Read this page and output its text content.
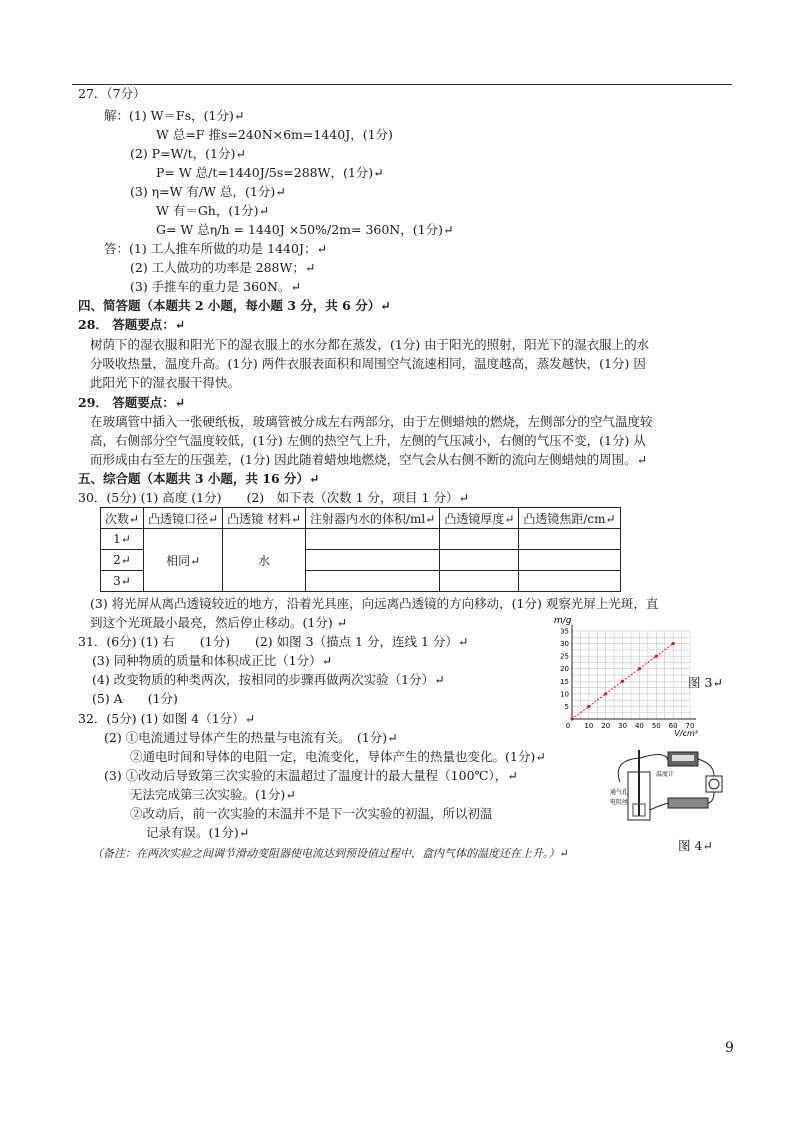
27．（7分）
解：(1) W＝Fs，(1分)↵
W 总=F 推s=240N×6m=1440J，(1分)
(2) P=W/t，(1分)↵
P= W 总/t=1440J/5s=288W，(1分)↵
(3) η=W 有/W 总，(1分)↵
W 有＝Gh，(1分)↵
G= W 总η/h = 1440J ×50%/2m= 360N，(1分)↵
答：(1) 工人推车所做的功是 1440J；↵
(2) 工人做功的功率是 288W；↵
(3) 手推车的重力是 360N。↵
四、简答题（本题共 2 小题，每小题 3 分，共 6 分）↵
28． 答题要点：↵
树荫下的湿衣服和阳光下的湿衣服上的水分都在蒸发，(1分) 由于阳光的照射，阳光下的湿衣服上的水
分吸收热量，温度升高。(1分) 两件衣服表面积和周围空气流速相同，温度越高，蒸发越快，(1分) 因
此阳光下的湿衣服干得快。
29． 答题要点：↵
在玻璃管中插入一张硬纸板，玻璃管被分成左右两部分，由于左侧蜡烛的燃烧，左侧部分的空气温度较
高，右侧部分空气温度较低，(1分) 左侧的热空气上升，左侧的气压减小，右侧的气压不变，(1分) 从
而形成由右至左的压强差，(1分) 因此随着蜡烛地燃烧，空气会从右侧不断的流向左侧蜡烛的周围。↵
五、综合题（本题共 3 小题，共 16 分）↵
30．(5分) (1) 高度 (1分)　　(2)　如下表（次数 1 分，项目 1 分）↵
次数↵	凸透镜口径↵	凸透镜 材料↵	注射器内水的体积/ml↵	凸透镜厚度↵	凸透镜焦距/cm↵
1↵	相同↵	水			
2↵					
3↵					
(3) 将光屏从离凸透镜较近的地方，沿着光具座，向远离凸透镜的方向移动，(1分) 观察光屏上光斑，直
到这个光斑最小最亮，然后停止移动。(1分) ↵
31．(6分) (1) 右　　(1分)　　(2) 如图 3（描点 1 分，连线 1 分）↵
(3) 同种物质的质量和体积成正比（1分）↵
(4) 改变物质的种类两次，按相同的步骤再做两次实验（1分）↵
(5) A　　(1分)
32．(5分) (1) 如图 4（1分）↵
(2) ①电流通过导体产生的热量与电流有关。　(1分)↵
②通电时间和导体的电阻一定，电流变化，导体产生的热量也变化。(1分)↵
(3) ①改动后导致第三次实验的末温超过了温度计的最大量程（100℃），↵
无法完成第三次实验。(1分)↵
②改动后，前一次实验的末温并不是下一次实验的初温，所以初温
记录有误。(1分)↵
（备注：在两次实验之间调节滑动变阻器使电流达到预设值过程中，盒内气体的温度还在上升。）↵
0 10 20 30 40 50 60 70
5
10
15
20
25
30
35
m/g
V/cm³
图 3↵
温度计
通气孔
电阻丝
图 4↵
9
